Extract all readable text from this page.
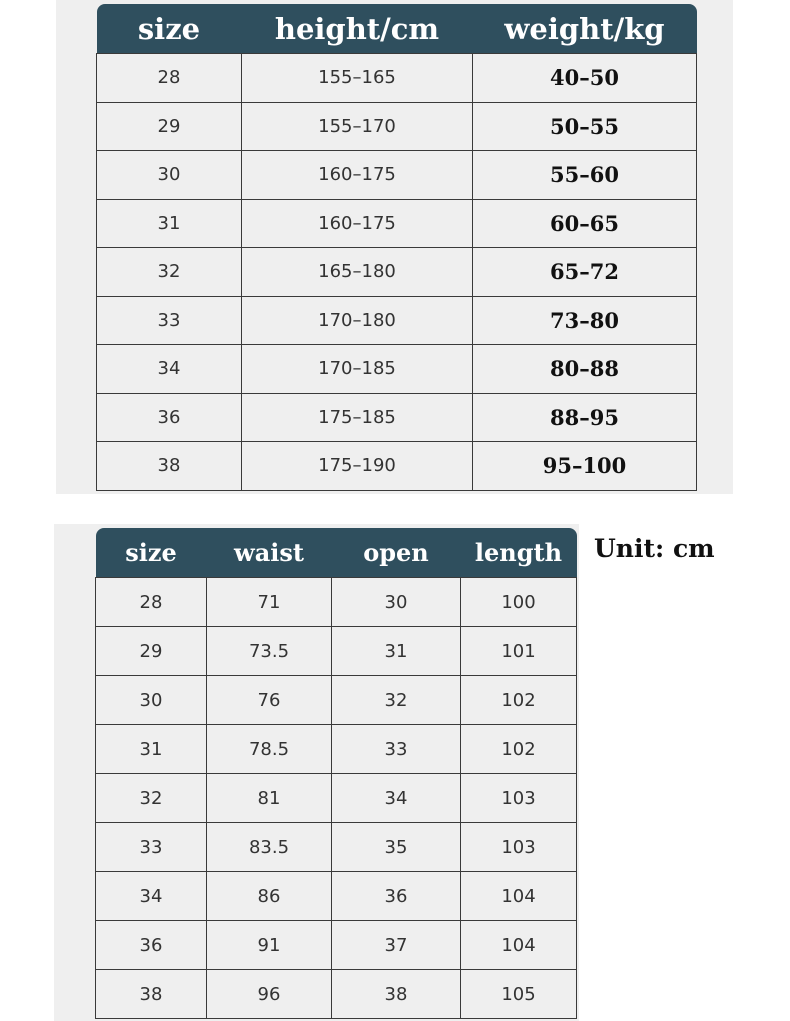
size	height/cm	weight/kg
28	155–165	40–50
29	155–170	50–55
30	160–175	55–60
31	160–175	60–65
32	165–180	65–72
33	170–180	73–80
34	170–185	80–88
36	175–185	88–95
38	175–190	95–100
size	waist	open	length
28	71	30	100
29	73.5	31	101
30	76	32	102
31	78.5	33	102
32	81	34	103
33	83.5	35	103
34	86	36	104
36	91	37	104
38	96	38	105
Unit: cm
